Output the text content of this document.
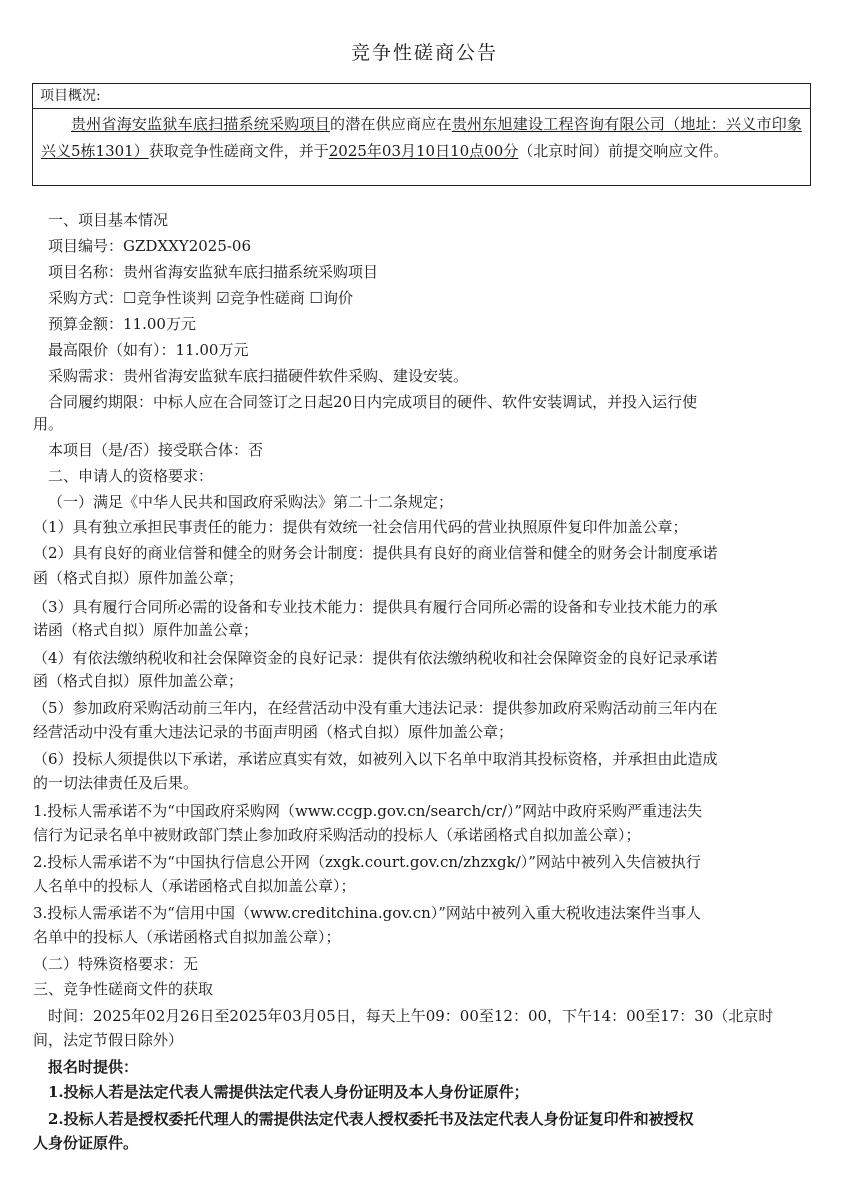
竞争性磋商公告
项目概况:
贵州省海安监狱车底扫描系统采购项目的潜在供应商应在贵州东旭建设工程咨询有限公司（地址：兴义市印象兴义5栋1301）获取竞争性磋商文件，并于2025年03月10日10点00分（北京时间）前提交响应文件。
一、项目基本情况
项目编号：GZDXXY2025-06
项目名称：贵州省海安监狱车底扫描系统采购项目
采购方式：☐竞争性谈判 ☑竞争性磋商 ☐询价
预算金额：11.00万元
最高限价（如有）：11.00万元
采购需求：贵州省海安监狱车底扫描硬件软件采购、建设安装。
合同履约期限：中标人应在合同签订之日起20日内完成项目的硬件、软件安装调试，并投入运行使
用。
本项目（是/否）接受联合体：否
二、申请人的资格要求：
（一）满足《中华人民共和国政府采购法》第二十二条规定；
（1）具有独立承担民事责任的能力：提供有效统一社会信用代码的营业执照原件复印件加盖公章；
（2）具有良好的商业信誉和健全的财务会计制度：提供具有良好的商业信誉和健全的财务会计制度承诺
函（格式自拟）原件加盖公章；
（3）具有履行合同所必需的设备和专业技术能力：提供具有履行合同所必需的设备和专业技术能力的承
诺函（格式自拟）原件加盖公章；
（4）有依法缴纳税收和社会保障资金的良好记录：提供有依法缴纳税收和社会保障资金的良好记录承诺
函（格式自拟）原件加盖公章；
（5）参加政府采购活动前三年内，在经营活动中没有重大违法记录：提供参加政府采购活动前三年内在
经营活动中没有重大违法记录的书面声明函（格式自拟）原件加盖公章；
（6）投标人须提供以下承诺，承诺应真实有效，如被列入以下名单中取消其投标资格，并承担由此造成
的一切法律责任及后果。
1.投标人需承诺不为“中国政府采购网（www.ccgp.gov.cn/search/cr/）”网站中政府采购严重违法失
信行为记录名单中被财政部门禁止参加政府采购活动的投标人（承诺函格式自拟加盖公章）；
2.投标人需承诺不为“中国执行信息公开网（zxgk.court.gov.cn/zhzxgk/）”网站中被列入失信被执行
人名单中的投标人（承诺函格式自拟加盖公章）；
3.投标人需承诺不为“信用中国（www.creditchina.gov.cn）”网站中被列入重大税收违法案件当事人
名单中的投标人（承诺函格式自拟加盖公章）；
（二）特殊资格要求：无
三、竞争性磋商文件的获取
时间：2025年02月26日至2025年03月05日，每天上午09：00至12：00，下午14：00至17：30（北京时
间，法定节假日除外）
报名时提供：
1.投标人若是法定代表人需提供法定代表人身份证明及本人身份证原件；
2.投标人若是授权委托代理人的需提供法定代表人授权委托书及法定代表人身份证复印件和被授权
人身份证原件。
